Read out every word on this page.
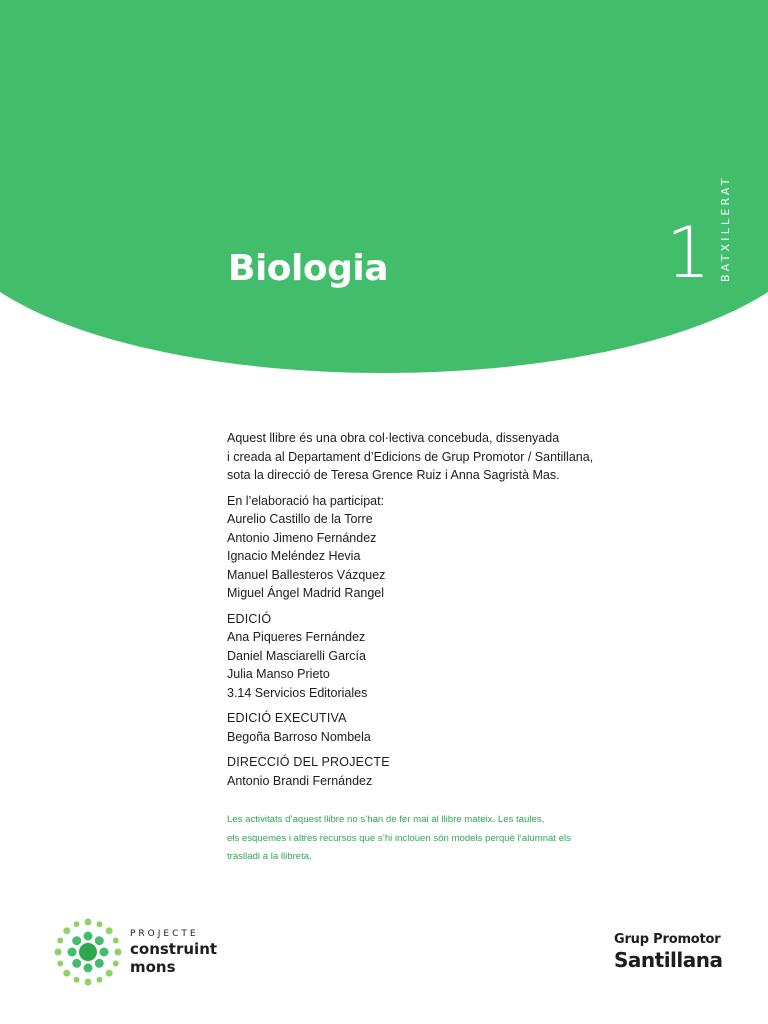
Biologia	1 BATXILLERAT

Aquest llibre és una obra col·lectiva concebuda, dissenyada
i creada al Departament d’Edicions de Grup Promotor / Santillana,
sota la direcció de Teresa Grence Ruiz i Anna Sagristà Mas.

En l’elaboració ha participat:

Aurelio Castillo de la Torre

Antonio Jimeno Fernández

Ignacio Meléndez Hevia

Manuel Ballesteros Vázquez

Miguel Ángel Madrid Rangel

EDICIÓ

Ana Piqueres Fernández

Daniel Masciarelli García

Julia Manso Prieto

3.14 Servicios Editoriales

EDICIÓ EXECUTIVA

Begoña Barroso Nombela

DIRECCIÓ DEL PROJECTE

Antonio Brandi Fernández

Les activitats d’aquest llibre no s’han de fer mai al llibre mateix. Les taules,
els esquemes i altres recursos que s’hi inclouen són models perquè l’alumnat els
traslladi a la llibreta.
PROJECTE
construint
mons
Grup Promotor
Santillana
